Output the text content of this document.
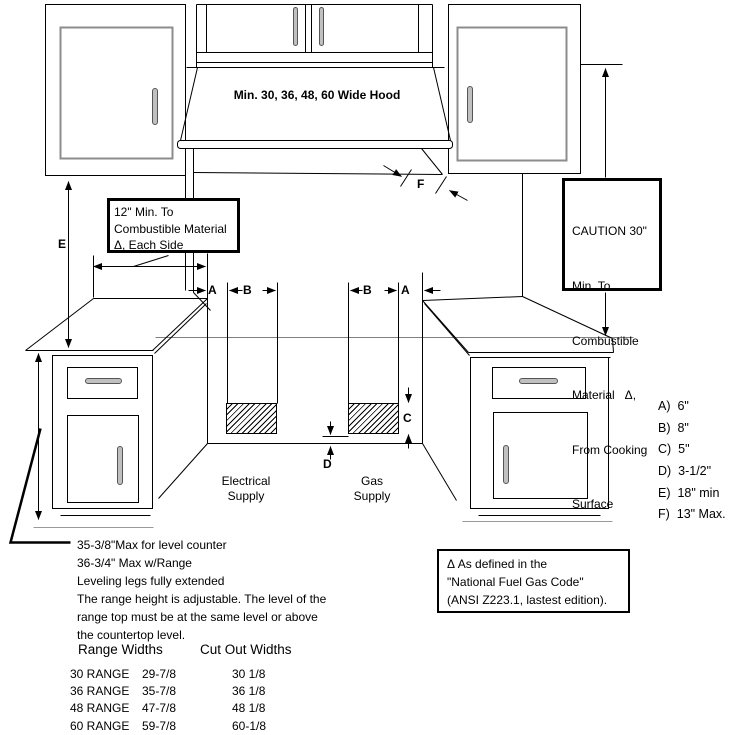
Min. 30, 36, 48, 60 Wide Hood
A B	B A
C
D
E
F

Electrical
Supply

Gas
Supply

12" Min. To
Combustible Material
Δ, Each Side

CAUTION 30"

Min. To

Combustible

Material   Δ,

From Cooking

Surface

Δ As defined in the
"National Fuel Gas Code"
(ANSI Z223.1, lastest edition).
A)  6"
B)  8"
C)  5"
D)  3-1/2"
E)  18" min
F)  13" Max.
35-3/8"Max for level counter
36-3/4" Max w/Range
Leveling legs fully extended
The range height is adjustable. The level of the
range top must be at the same level or above
the countertop level.
Range Widths	Cut Out Widths
30 RANGE	29-7/8	30 1/8
36 RANGE	35-7/8	36 1/8
48 RANGE	47-7/8	48 1/8
60 RANGE	59-7/8	60-1/8
